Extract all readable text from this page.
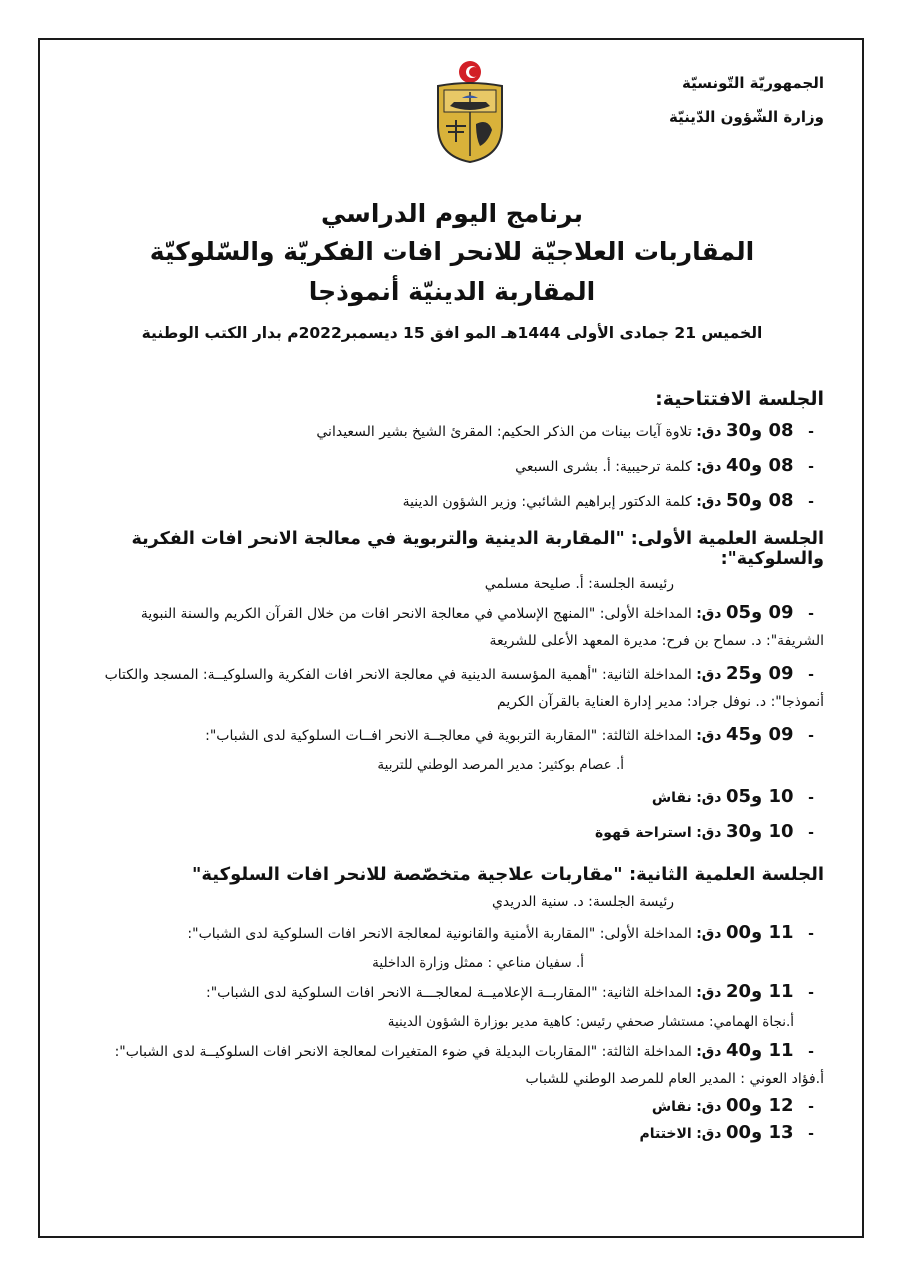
الجمهوريّة التّونسيّة
وزارة الشّؤون الدّينيّة
برنامج اليوم الدراسي
المقاربات العلاجيّة للانحر افات الفكريّة والسّلوكيّة
المقاربة الدينيّة أنموذجا
الخميس 21 جمادى الأولى 1444هـ المو افق 15 ديسمبر2022م بدار الكتب الوطنية
الجلسة الافتتاحية:
- 08 و30 دق: تلاوة آيات بينات من الذكر الحكيم: المقرئ الشيخ بشير السعيداني
- 08 و40 دق: كلمة ترحيبية: أ. بشرى السبعي
- 08 و50 دق: كلمة الدكتور إبراهيم الشائبي: وزير الشؤون الدينية
الجلسة العلمية الأولى: "المقاربة الدينية والتربوية في معالجة الانحر افات الفكرية والسلوكية":
رئيسة الجلسة: أ. صليحة مسلمي
- 09 و05 دق: المداخلة الأولى: "المنهج الإسلامي في معالجة الانحر افات من خلال القرآن الكريم والسنة النبوية الشريفة": د. سماح بن فرح: مديرة المعهد الأعلى للشريعة
- 09 و25 دق: المداخلة الثانية: "أهمية المؤسسة الدينية في معالجة الانحر افات الفكرية والسلوكيــة: المسجد والكتاب أنموذجا": د. نوفل جراد: مدير إدارة العناية بالقرآن الكريم
- 09 و45 دق: المداخلة الثالثة: "المقاربة التربوية في معالجــة الانحر افــات السلوكية لدى الشباب":
أ. عصام بوكثير: مدير المرصد الوطني للتربية
- 10 و05 دق: نقاش
- 10 و30 دق: استراحة قهوة
الجلسة العلمية الثانية: "مقاربات علاجية متخصّصة للانحر افات السلوكية"
رئيسة الجلسة: د. سنية الدريدي
- 11 و00 دق: المداخلة الأولى: "المقاربة الأمنية والقانونية لمعالجة الانحر افات السلوكية لدى الشباب":
أ. سفيان مناعي : ممثل وزارة الداخلية
- 11 و20 دق: المداخلة الثانية: "المقاربــة الإعلاميــة لمعالجـــة الانحر افات السلوكية لدى الشباب":
أ.نجاة الهمامي: مستشار صحفي رئيس: كاهية مدير بوزارة الشؤون الدينية
- 11 و40 دق: المداخلة الثالثة: "المقاربات البديلة في ضوء المتغيرات لمعالجة الانحر افات السلوكيــة لدى الشباب": أ.فؤاد العوني : المدير العام للمرصد الوطني للشباب
- 12 و00 دق: نقاش
- 13 و00 دق: الاختتام
